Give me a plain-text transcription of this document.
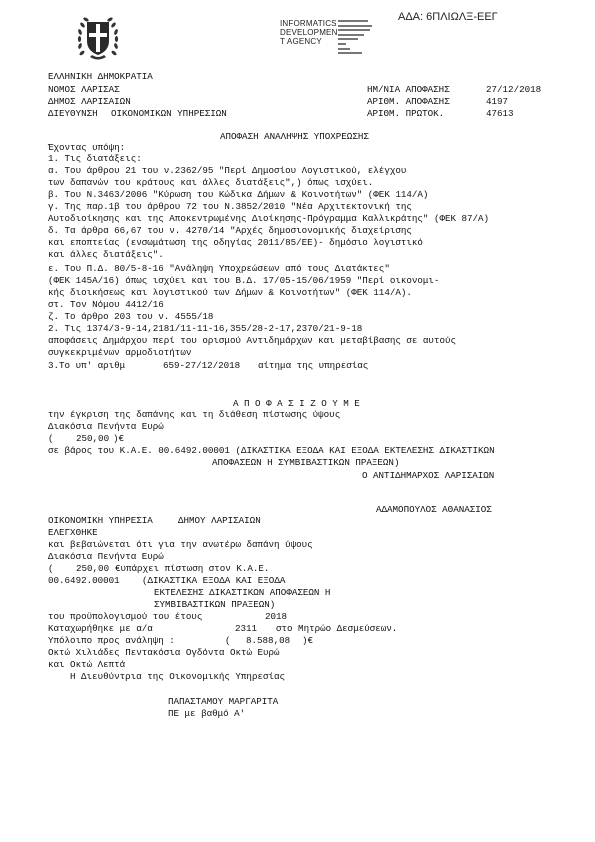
INFORMATICS
DEVELOPMEN
T AGENCY
ΑΔΑ: 6ΠΛΙΩΛΞ-ΕΕΓ
ΕΛΛΗΝΙΚΗ ΔΗΜΟΚΡΑΤΙΑ
ΝΟΜΟΣ ΛΑΡΙΣΑΣ	ΗΜ/ΝΙΑ ΑΠΟΦΑΣΗΣ	27/12/2018
ΔΗΜΟΣ ΛΑΡΙΣΑΙΩΝ	ΑΡΙΘΜ. ΑΠΟΦΑΣΗΣ	4197
ΔΙΕΥΘΥΝΣΗ ΟΙΚΟΝΟΜΙΚΩΝ ΥΠΗΡΕΣΙΩΝ	ΑΡΙΘΜ. ΠΡΩΤΟΚ.	47613
ΑΠΟΦΑΣΗ ΑΝΑΛΗΨΗΣ ΥΠΟΧΡΕΩΣΗΣ
Έχοντας υπόψη:
1. Τις διατάξεις:
α. Του άρθρου 21 του ν.2362/95 "Περί Δημοσίου Λογιστικού, ελέγχου
των δαπανών του κράτους και άλλες διατάξεις",) όπως ισχύει.
β. Του Ν.3463/2006 "Κύρωση του Κώδικα Δήμων & Κοινοτήτων" (ΦΕΚ 114/Α)
γ. Της παρ.1β του άρθρου 72 του Ν.3852/2010 "Νέα Αρχιτεκτονική της
Αυτοδιοίκησης και της Αποκεντρωμένης Διοίκησης-Πρόγραμμα Καλλικράτης" (ΦΕΚ 87/Α)
δ. Τα άρθρα 66,67 του ν. 4270/14 "Αρχές δημοσιονομικής διαχείρισης
και εποπτείας (ενσωμάτωση της οδηγίας 2011/85/ΕΕ)- δημόσιο λογιστικό
και άλλες διατάξεις".
ε. Του Π.Δ. 80/5-8-16 "Ανάληψη Υποχρεώσεων από τους Διατάκτες"
(ΦΕΚ 145Α/16) όπως ισχύει και του Β.Δ. 17/05-15/06/1959 "Περί οικονομι-
κής διοικήσεως και λογιστικού των Δήμων & Κοινοτήτων" (ΦΕΚ 114/Α).
στ. Τον Νόμου 4412/16
ζ. Το άρθρο 203 του ν. 4555/18
2. Τις 1374/3-9-14,2181/11-11-16,355/28-2-17,2370/21-9-18
αποφάσεις Δημάρχου περί του ορισμού Αντιδημάρχων και μεταβίβασης σε αυτούς
συγκεκριμένων αρμοδιοτήτων
3.Το υπ' αριθμ	659-27/12/2018 αίτημα της υπηρεσίας
Α Π Ο Φ Α Σ Ι Ζ Ο Υ Μ Ε
την έγκριση της δαπάνης και τη διάθεση πίστωσης ύψους
Διακόσια Πενήντα Ευρώ
( 250,00 )€
σε βάρος του Κ.Α.Ε. 00.6492.00001 (ΔΙΚΑΣΤΙΚΑ ΕΞΟΔΑ ΚΑΙ ΕΞΟΔΑ ΕΚΤΕΛΕΣΗΣ ΔΙΚΑΣΤΙΚΩΝ
ΑΠΟΦΑΣΕΩΝ Η ΣΥΜΒΙΒΑΣΤΙΚΩΝ ΠΡΑΞΕΩΝ)
Ο ΑΝΤΙΔΗΜΑΡΧΟΣ ΛΑΡΙΣΑΙΩΝ
ΑΔΑΜΟΠΟΥΛΟΣ ΑΘΑΝΑΣΙΟΣ
ΟΙΚΟΝΟΜΙΚΗ ΥΠΗΡΕΣΙΑ	ΔΗΜΟΥ ΛΑΡΙΣΑΙΩΝ
ΕΛΕΓΧΘΗΚΕ
και βεβαιώνεται ότι για την ανωτέρω δαπάνη ύψους
Διακόσια Πενήντα Ευρώ
( 250,00 €υπάρχει πίστωση στον Κ.Α.Ε.
00.6492.00001 (ΔΙΚΑΣΤΙΚΑ ΕΞΟΔΑ ΚΑΙ ΕΞΟΔΑ
ΕΚΤΕΛΕΣΗΣ ΔΙΚΑΣΤΙΚΩΝ ΑΠΟΦΑΣΕΩΝ Η
ΣΥΜΒΙΒΑΣΤΙΚΩΝ ΠΡΑΞΕΩΝ)
του προϋπολογισμού του έτους	2018
Καταχωρήθηκε με α/α	2311 στο Μητρώο Δεσμεύσεων.
Υπόλοιπο προς ανάληψη :	( 8.588,08 )€
Οκτώ Χιλιάδες Πεντακόσια Ογδόντα Οκτώ Ευρώ
και Οκτώ Λεπτά
Η Διευθύντρια της Οικονομικής Υπηρεσίας
ΠΑΠΑΣΤΑΜΟΥ ΜΑΡΓΑΡΙΤΑ
ΠΕ με βαθμό Α'
